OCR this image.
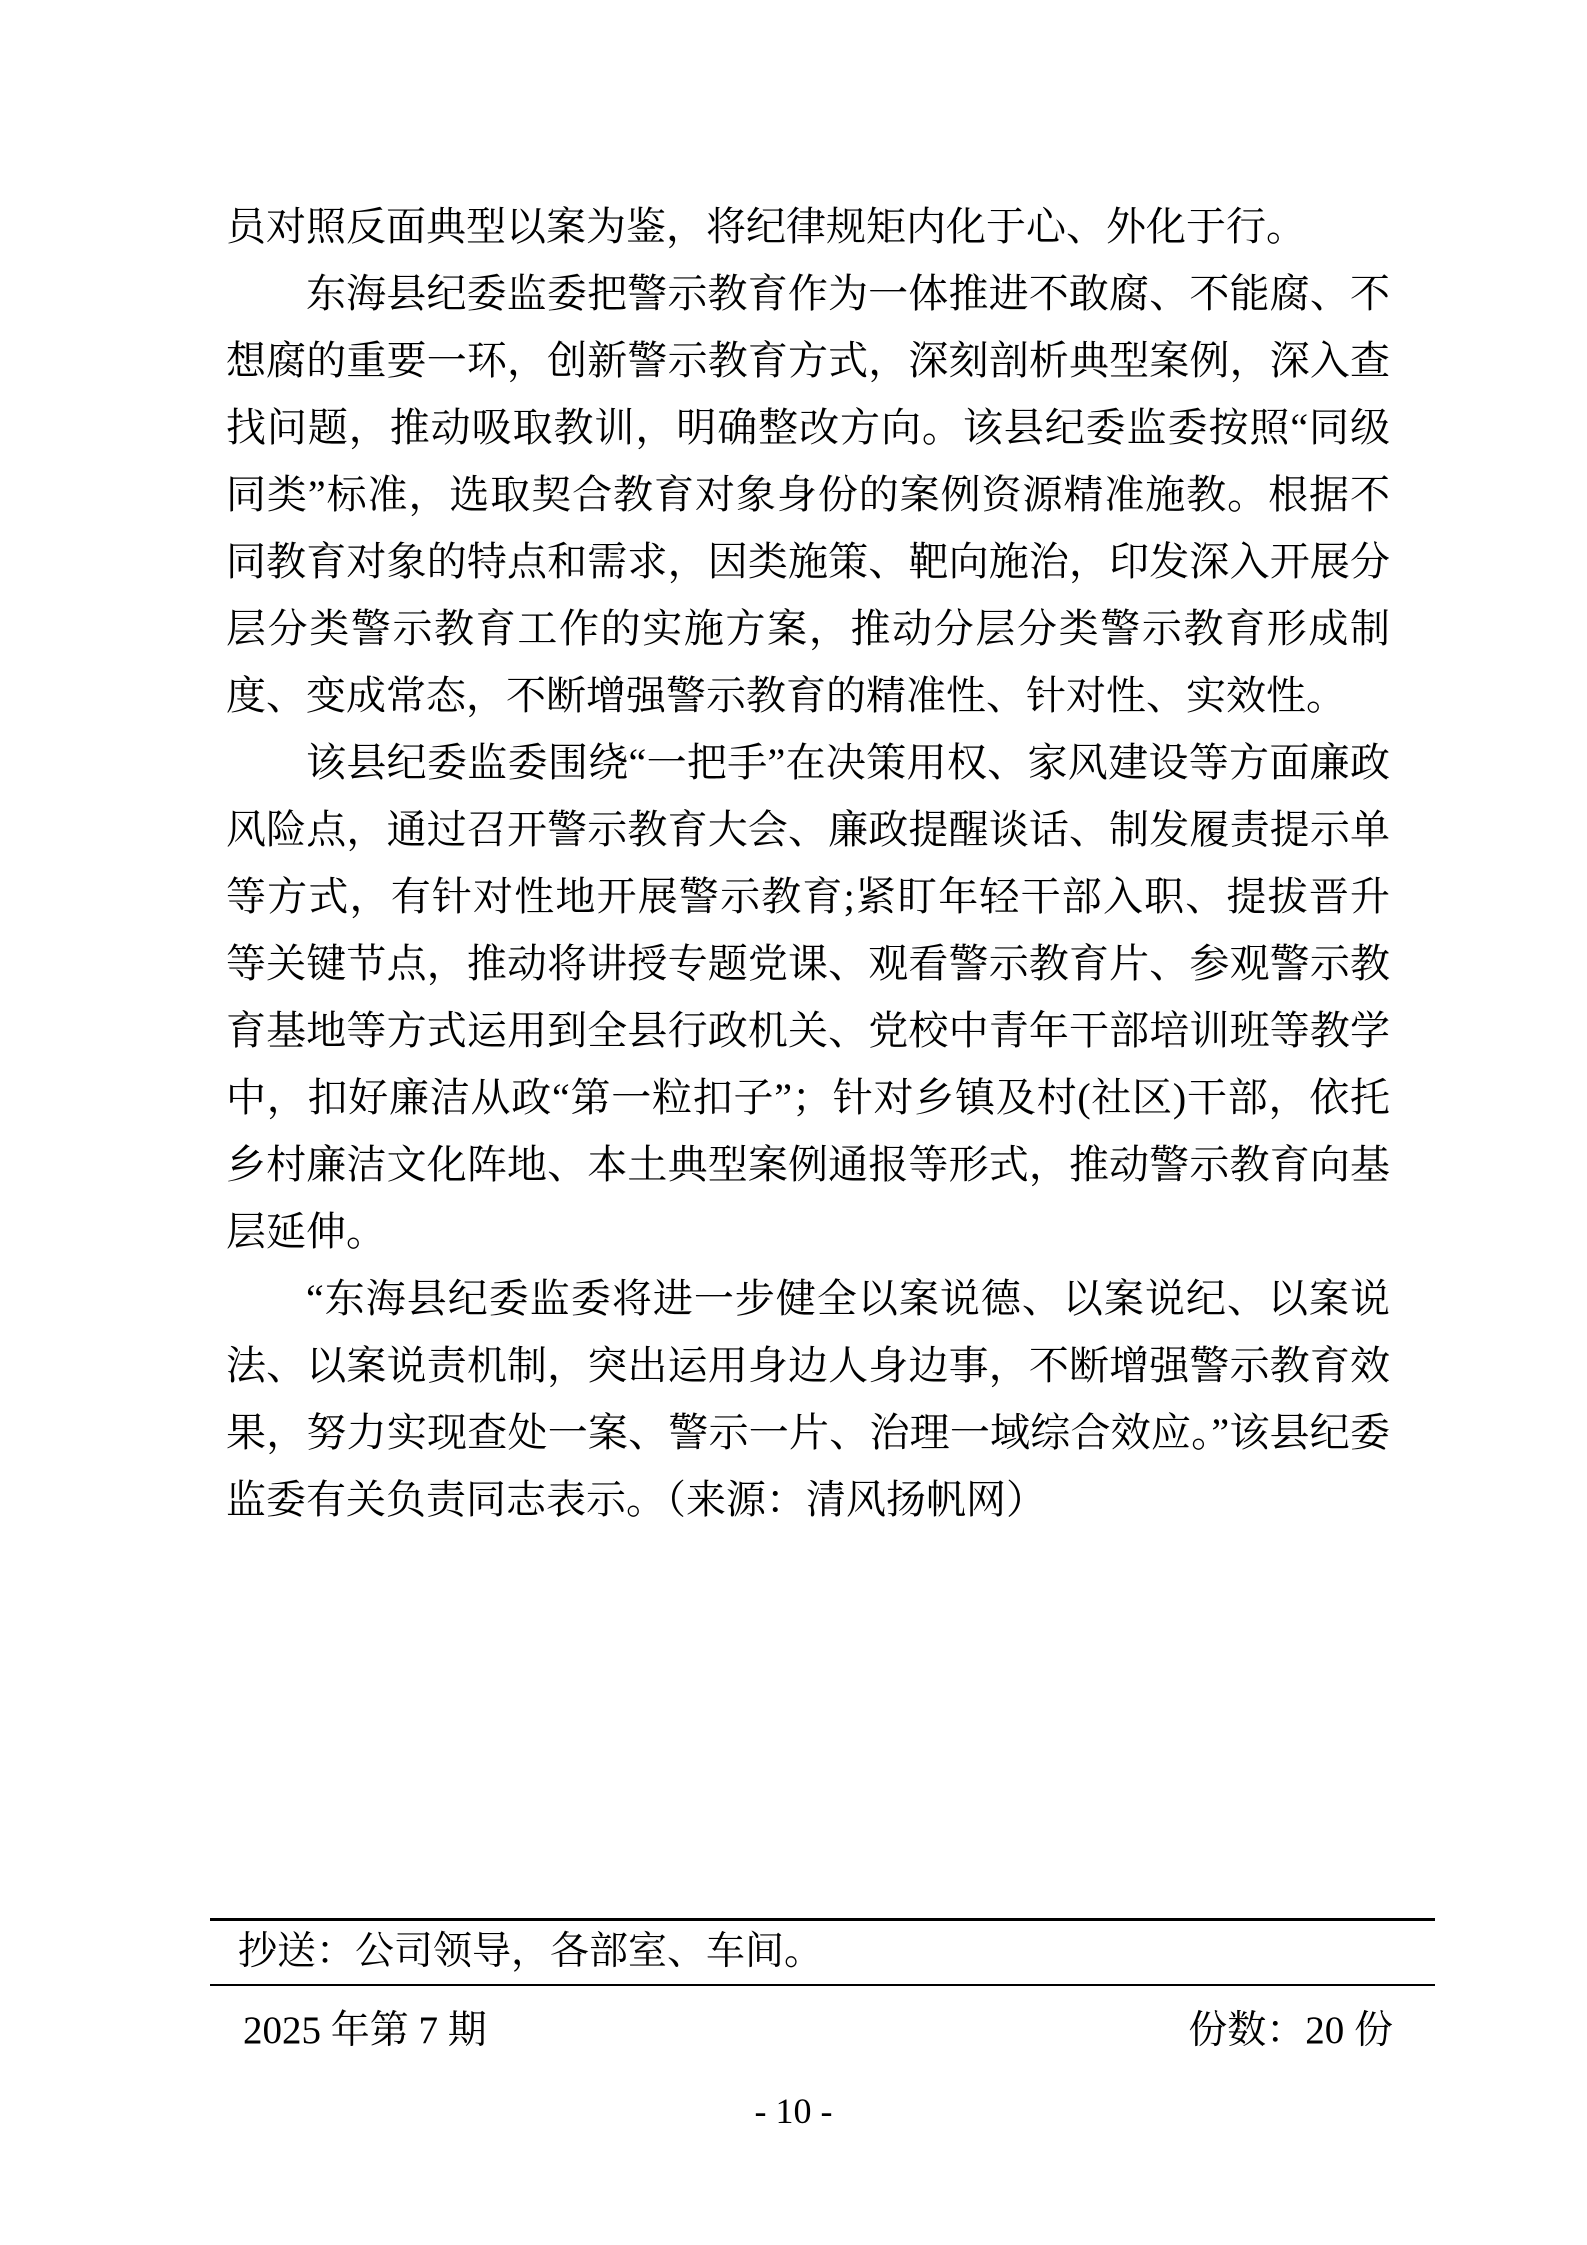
员对照反面典型以案为鉴，将纪律规矩内化于心、外化于行。

东海县纪委监委把警示教育作为一体推进不敢腐、不能腐、不想腐的重要一环，创新警示教育方式，深刻剖析典型案例，深入查找问题，推动吸取教训，明确整改方向。该县纪委监委按照“同级同类”标准，选取契合教育对象身份的案例资源精准施教。根据不同教育对象的特点和需求，因类施策、靶向施治，印发深入开展分层分类警示教育工作的实施方案，推动分层分类警示教育形成制度、变成常态，不断增强警示教育的精准性、针对性、实效性。

该县纪委监委围绕“一把手”在决策用权、家风建设等方面廉政风险点，通过召开警示教育大会、廉政提醒谈话、制发履责提示单等方式，有针对性地开展警示教育;紧盯年轻干部入职、提拔晋升等关键节点，推动将讲授专题党课、观看警示教育片、参观警示教育基地等方式运用到全县行政机关、党校中青年干部培训班等教学中，扣好廉洁从政“第一粒扣子”；针对乡镇及村(社区)干部，依托乡村廉洁文化阵地、本土典型案例通报等形式，推动警示教育向基层延伸。

“东海县纪委监委将进一步健全以案说德、以案说纪、以案说法、以案说责机制，突出运用身边人身边事，不断增强警示教育效果，努力实现查处一案、警示一片、治理一域综合效应。”该县纪委监委有关负责同志表示。（来源：清风扬帆网）

抄送：公司领导，各部室、车间。
2025 年第 7 期	份数：20 份
- 10 -
